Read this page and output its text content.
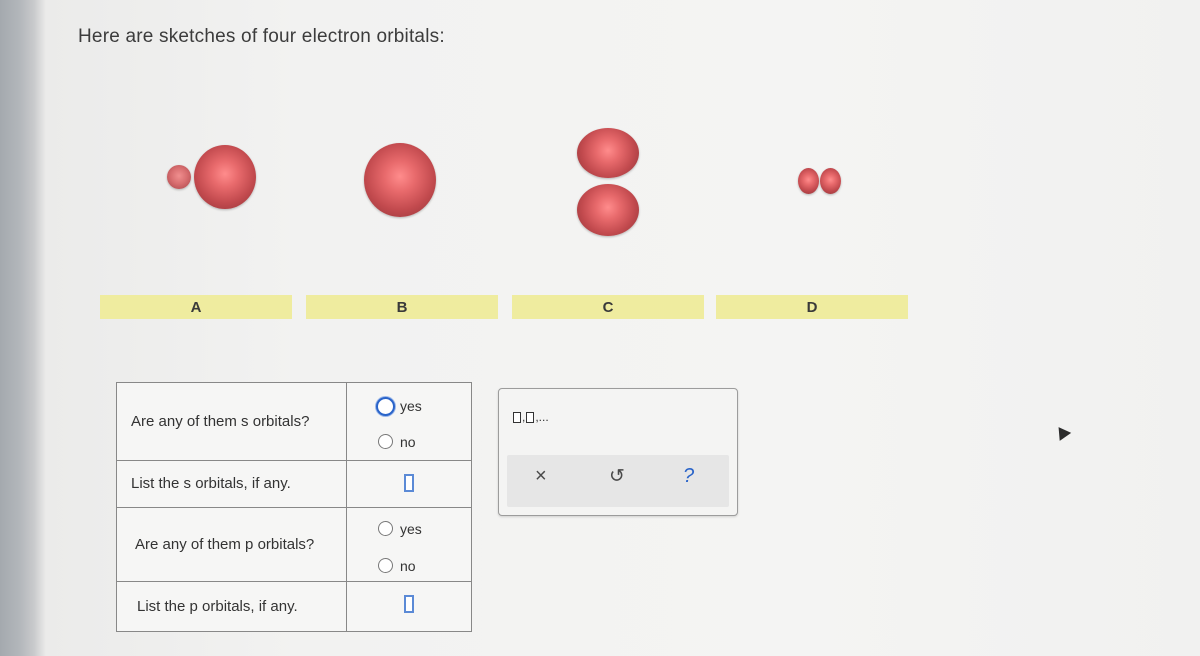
Here are sketches of four electron orbitals:
A	B	C	D
Are any of them s orbitals?
yes
no
List the s orbitals, if any.
Are any of them p orbitals?
yes
no
List the p orbitals, if any.
, ,...
×	↺	?
